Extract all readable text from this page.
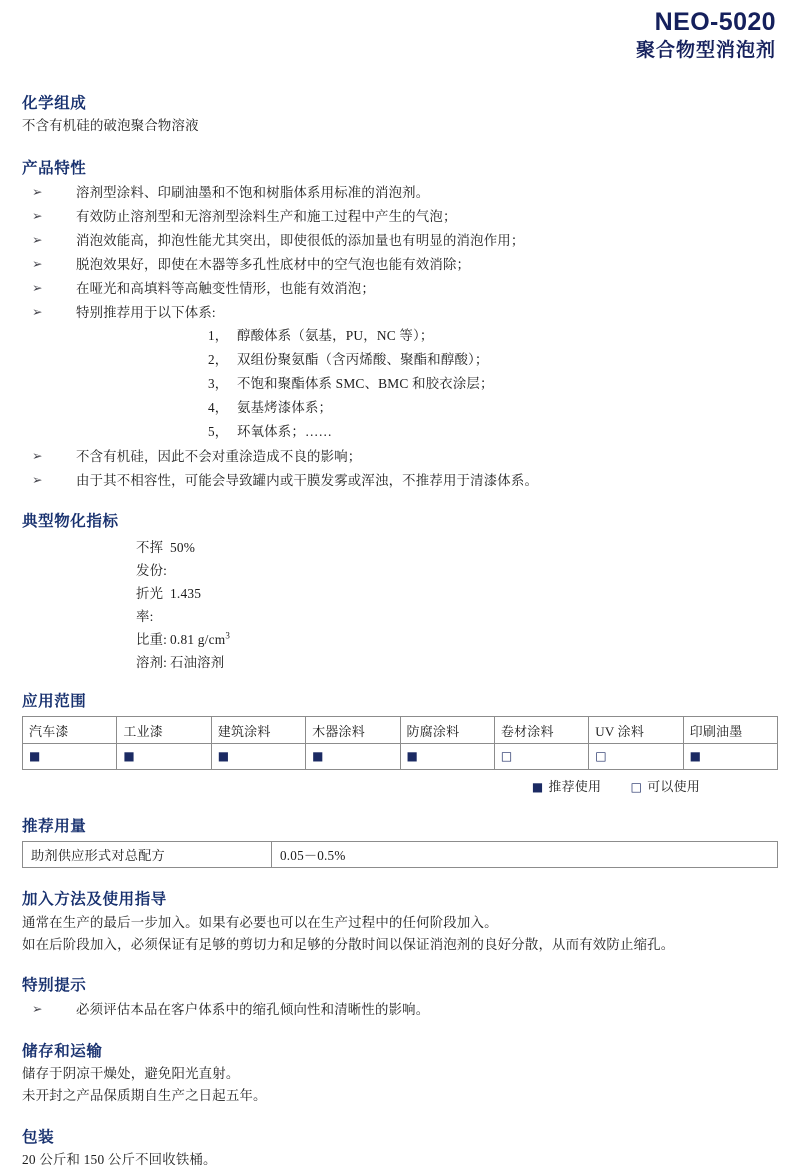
NEO-5020
聚合物型消泡剂
化学组成

不含有机硅的破泡聚合物溶液

产品特性
➢ 溶剂型涂料、印刷油墨和不饱和树脂体系用标准的消泡剂。
➢ 有效防止溶剂型和无溶剂型涂料生产和施工过程中产生的气泡；
➢ 消泡效能高，抑泡性能尤其突出，即使很低的添加量也有明显的消泡作用；
➢ 脱泡效果好，即使在木器等多孔性底材中的空气泡也能有效消除；
➢ 在哑光和高填料等高触变性情形，也能有效消泡；
➢ 特别推荐用于以下体系:
1， 醇酸体系（氨基，PU，NC 等）；
2， 双组份聚氨酯（含丙烯酸、聚酯和醇酸）；
3， 不饱和聚酯体系 SMC、BMC 和胶衣涂层；
4， 氨基烤漆体系；
5， 环氧体系；……
➢ 不含有机硅，因此不会对重涂造成不良的影响；
➢ 由于其不相容性，可能会导致罐内或干膜发雾或浑浊，不推荐用于清漆体系。
典型物化指标
不挥发份:
50%
折光率:
1.435
比重: 0.81 $g/cm^3$
溶剂: 石油溶剂
应用范围
汽车漆	工业漆	建筑涂料	木器涂料	防腐涂料	卷材涂料	UV 涂料	印刷油墨
■	■	■	■	■	□	□	■
■ 推荐使用 □	可以使用
推荐用量
助剂供应形式对总配方	0.05－0.5%
加入方法及使用指导

通常在生产的最后一步加入。如果有必要也可以在生产过程中的任何阶段加入。

如在后阶段加入，必须保证有足够的剪切力和足够的分散时间以保证消泡剂的良好分散，从而有效防止缩孔。

特别提示
➢ 必须评估本品在客户体系中的缩孔倾向性和清晰性的影响。
储存和运输

储存于阴凉干燥处，避免阳光直射。

未开封之产品保质期自生产之日起五年。

包装

20 公斤和 150 公斤不回收铁桶。
